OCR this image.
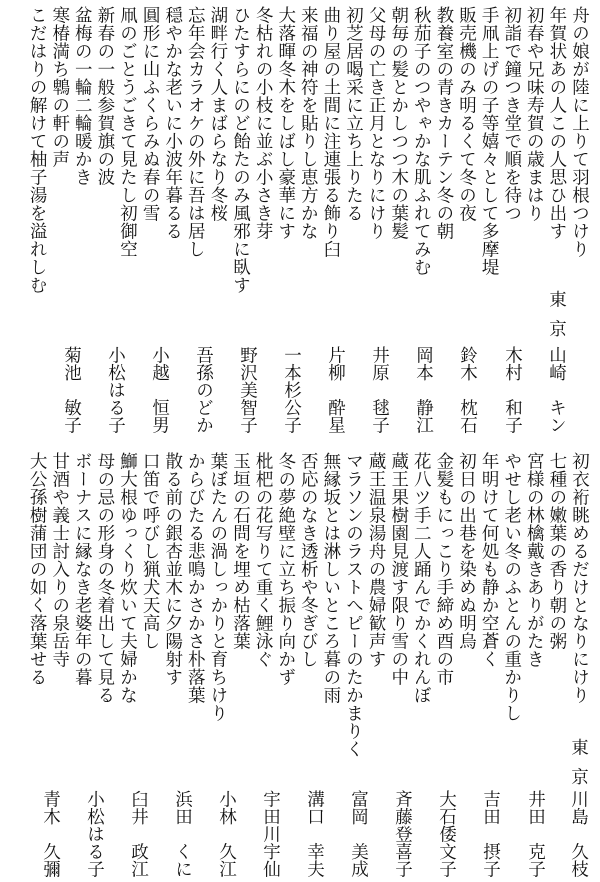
舟の娘が陸に上りて羽根つけり
年賀状あの人この人思ひ出す
初春や兄味寿賀の歳まはり
初詣で鐘つき堂で順を待つ
手凧上げの子等嬉々として多摩堤
販売機のみ明るくて冬の夜
教養室の青きカーテン冬の朝
秋茄子のつやゃかな肌ふれてみむ
朝毎の髪とかしつつ木の葉髪
父母の亡き正月となりにけり
初芝居喝采に立ち上りたる
曲り屋の土間に注連張る飾り臼
来福の神符を貼りし恵方かな
大落暉冬木をしばし豪華にす
冬枯れの小枝に並ぶ小さき芽
ひたすらにのど飴たのみ風邪に臥す
湖畔行く人まばらなり冬桜
忘年会カラオケの外に吾は居し
穏やかな老いに小波年暮るる
圓形に山ふくらみぬ春の雪
凧のごとうごきて見たし初御空
新春の一般参賀旗の波
盆梅の一輪二輪暖かき
寒椿満ち鵯の軒の声
こだはりの解けて柚子湯を溢れしむ
東京
山崎　キン
木村　和子
鈴木　枕石
岡本　静江
井原　毬子
片柳　酔星
一本杉公子
野沢美智子
吾孫のどか
小越　恒男
小松はる子
菊池　敏子
初衣裄眺めるだけとなりにけり
七種の嫩葉の香り朝の粥
宮様の林檎戴きありがたき
やせし老い冬のふとんの重かりし
年明けて何処も静か空蒼く
初日の出巷を染めぬ明烏
金髪もにっこり手締め酉の市
花八ツ手二人踊んでかくれんぼ
蔵王果樹園見渡す限り雪の中
蔵王温泉湯舟の農婦歓声す
マラソンのラストへピーのたかまりく
無縁坂とは淋しいところ暮の雨
否応のなき透析や冬ぎびし
冬の夢絶壁に立ち振り向かず
枇杷の花写りて重く鯉泳ぐ
玉垣の石問を埋め枯落葉
葉ぼたんの渦しっかりと育ちけり
からびたる悲鳴かさかさ朴落葉
散る前の銀杏並木に夕陽射す
口笛で呼びし猟犬天高し
鰤大根ゆっくり炊いて夫婦かな
母の忌の形身の冬着出して見る
ボーナスに縁なき老婆年の暮
甘酒や義士討入りの泉岳寺
大公孫樹蒲団の如く落葉せる
東京
川島　久枝
井田　克子
吉田　摂子
大石倭文子
斉藤登喜子
富岡　美成
溝口　幸夫
宇田川宇仙
小林　久江
浜田　くに
臼井　政江
小松はる子
青木　久彌
